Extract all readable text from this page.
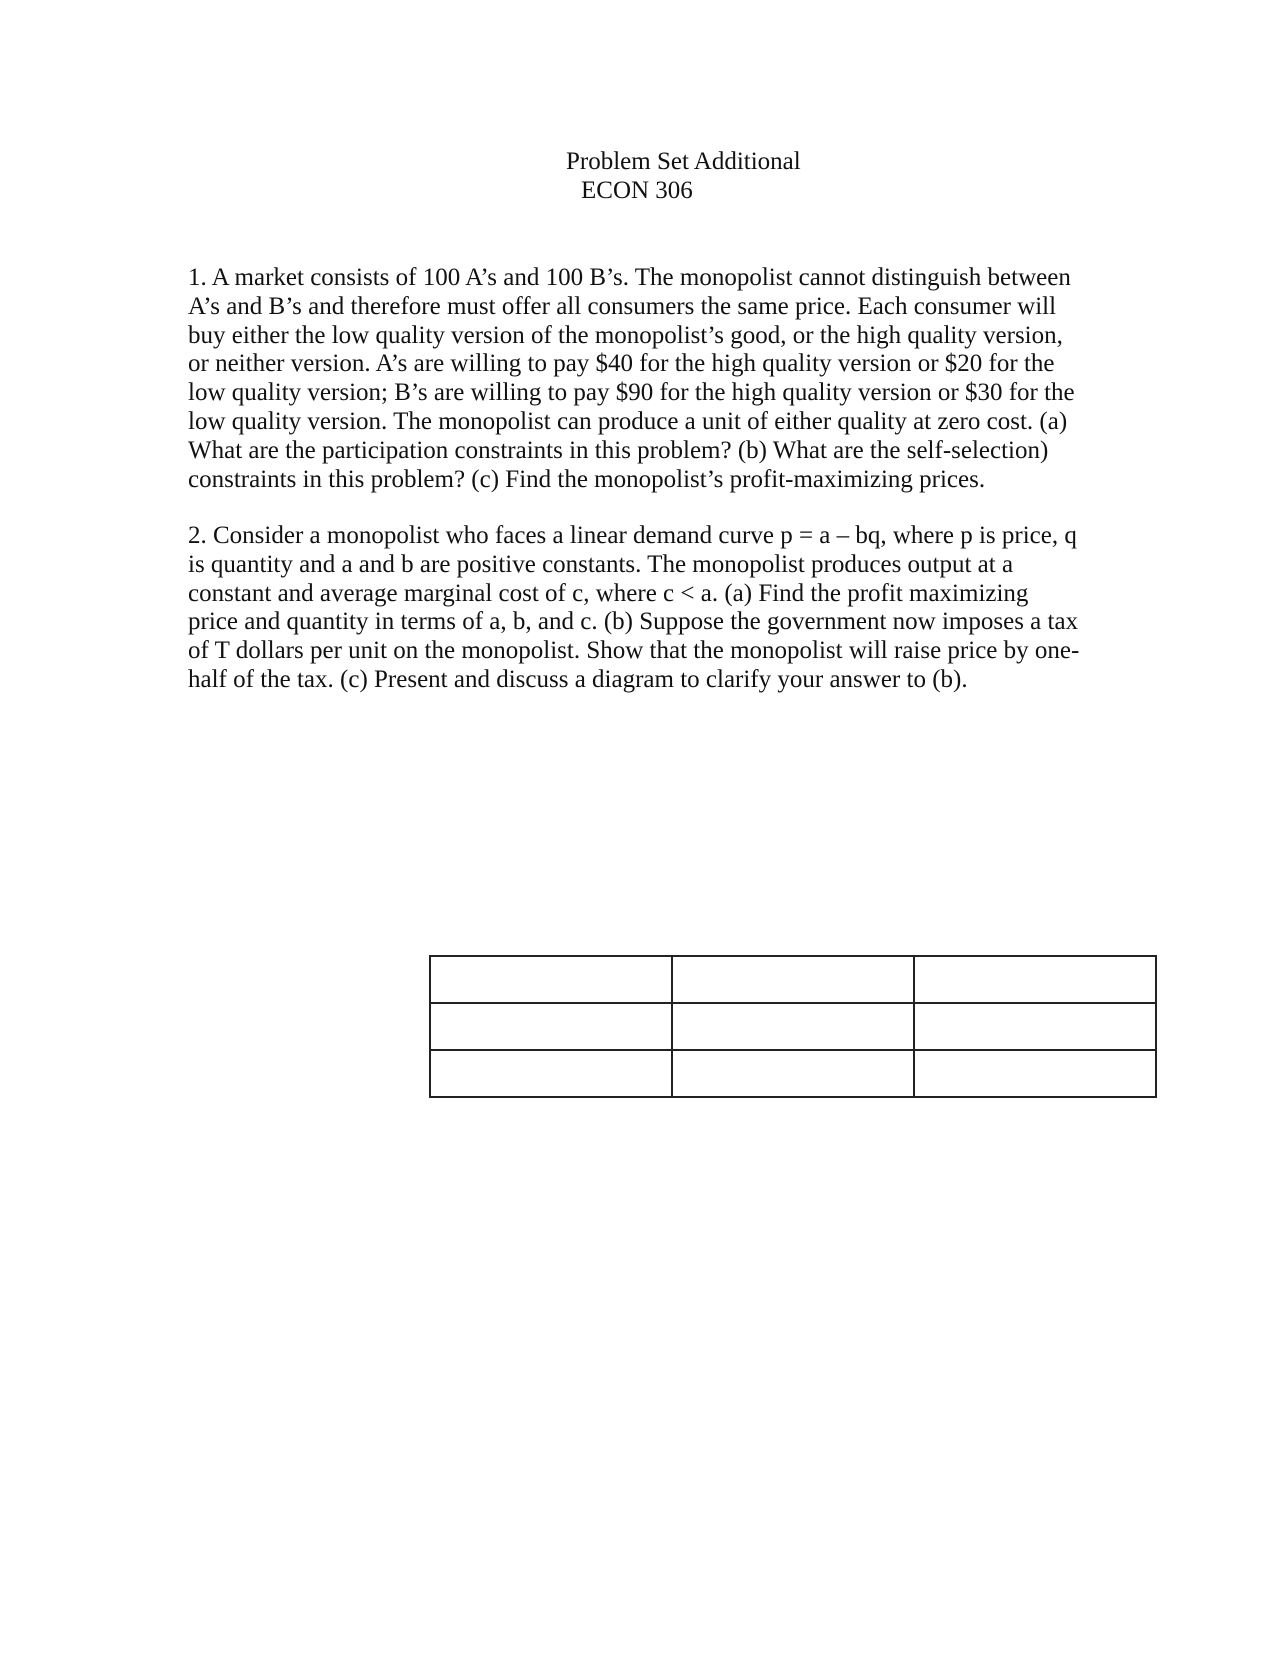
Problem Set Additional
ECON 306

1. A market consists of 100 A’s and 100 B’s. The monopolist cannot distinguish between
A’s and B’s and therefore must offer all consumers the same price. Each consumer will
buy either the low quality version of the monopolist’s good, or the high quality version,
or neither version. A’s are willing to pay $40 for the high quality version or $20 for the
low quality version; B’s are willing to pay $90 for the high quality version or $30 for the
low quality version. The monopolist can produce a unit of either quality at zero cost. (a)
What are the participation constraints in this problem? (b) What are the self-selection)
constraints in this problem? (c) Find the monopolist’s profit-maximizing prices.

2. Consider a monopolist who faces a linear demand curve p = a – bq, where p is price, q
is quantity and a and b are positive constants. The monopolist produces output at a
constant and average marginal cost of c, where c < a. (a) Find the profit maximizing
price and quantity in terms of a, b, and c. (b) Suppose the government now imposes a tax
of T dollars per unit on the monopolist. Show that the monopolist will raise price by one-
half of the tax. (c) Present and discuss a diagram to clarify your answer to (b).
